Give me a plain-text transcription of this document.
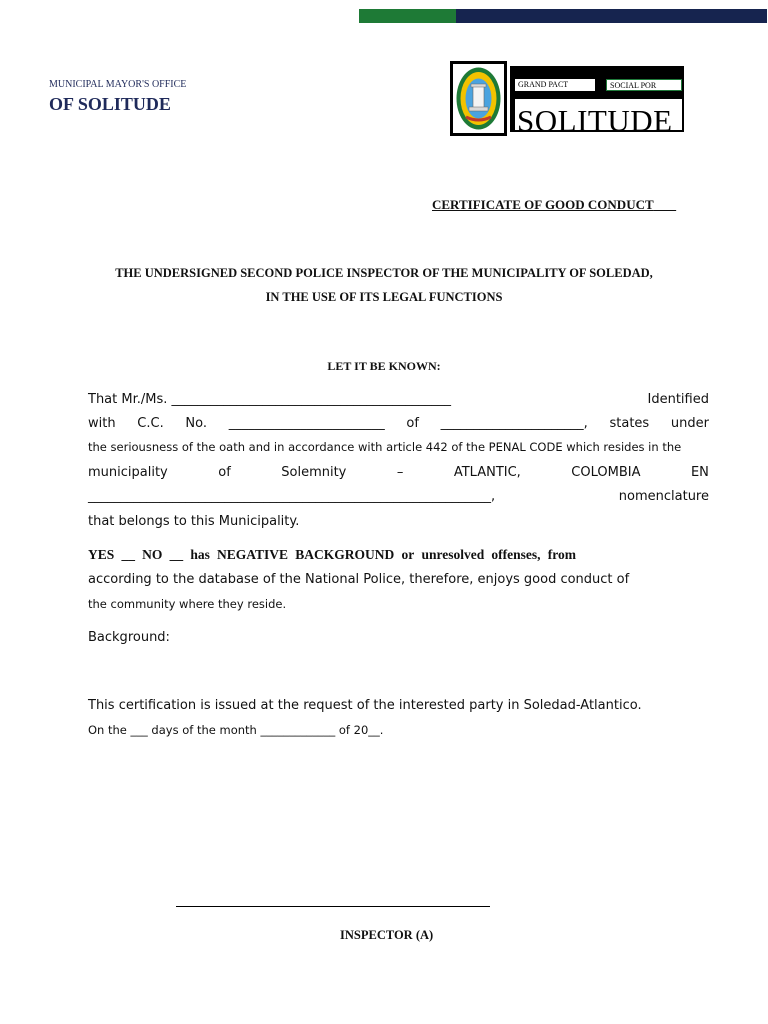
MUNICIPAL MAYOR'S OFFICE
OF SOLITUDE
GRAND PACT	SOCIAL POR
SOLITUDE
CERTIFICATE OF GOOD CONDUCT
THE UNDERSIGNED SECOND POLICE INSPECTOR OF THE MUNICIPALITY OF SOLEDAD,
IN THE USE OF ITS LEGAL FUNCTIONS
LET IT BE KNOWN:
That Mr./Ms. ___________________________________________	Identified
with C.C. No. ________________________ of ______________________, states under
the seriousness of the oath and in accordance with article 442 of the PENAL CODE which resides in the
municipality	of	Solemnity	–	ATLANTIC,	COLOMBIA	EN
______________________________________________________________,	nomenclature
that belongs to this Municipality.
YES __ NO __ has NEGATIVE BACKGROUND or unresolved offenses, from
according to the database of the National Police, therefore, enjoys good conduct of
the community where they reside.
Background:
This certification is issued at the request of the interested party in Soledad-Atlantico.
On the ___ days of the month _____________ of 20__.
INSPECTOR (A)
